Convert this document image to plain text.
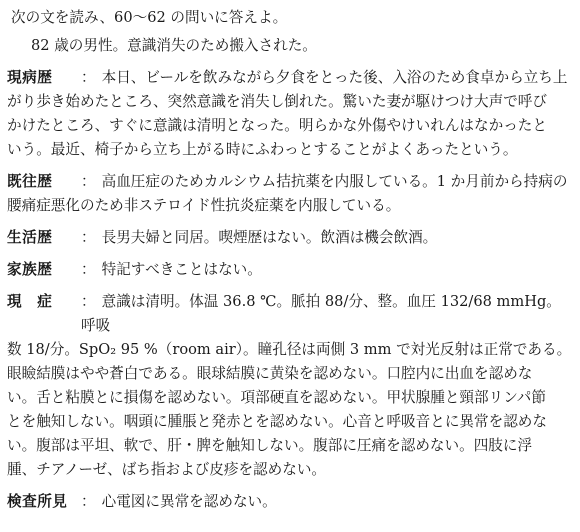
次の文を読み、60～62 の問いに答えよ。
82 歳の男性。意識消失のため搬入された。
現病歴	： 本日、ビールを飲みながら夕食をとった後、入浴のため食卓から立ち上
がり歩き始めたところ、突然意識を消失し倒れた。驚いた妻が駆けつけ大声で呼び
かけたところ、すぐに意識は清明となった。明らかな外傷やけいれんはなかったと
いう。最近、椅子から立ち上がる時にふわっとすることがよくあったという。
既往歴	： 高血圧症のためカルシウム拮抗薬を内服している。1 か月前から持病の
腰痛症悪化のため非ステロイド性抗炎症薬を内服している。
生活歴	： 長男夫婦と同居。喫煙歴はない。飲酒は機会飲酒。
家族歴	： 特記すべきことはない。
現　症	： 意識は清明。体温 36.8 ℃。脈拍 88/分、整。血圧 132/68 mmHg。呼吸
数 18/分。SpO₂ 95 %（room air）。瞳孔径は両側 3 mm で対光反射は正常である。
眼瞼結膜はやや蒼白である。眼球結膜に黄染を認めない。口腔内に出血を認めな
い。舌と粘膜とに損傷を認めない。項部硬直を認めない。甲状腺腫と頸部リンパ節
とを触知しない。咽頭に腫脹と発赤とを認めない。心音と呼吸音とに異常を認めな
い。腹部は平坦、軟で、肝・脾を触知しない。腹部に圧痛を認めない。四肢に浮
腫、チアノーゼ、ばち指および皮疹を認めない。
検査所見 ： 心電図に異常を認めない。
